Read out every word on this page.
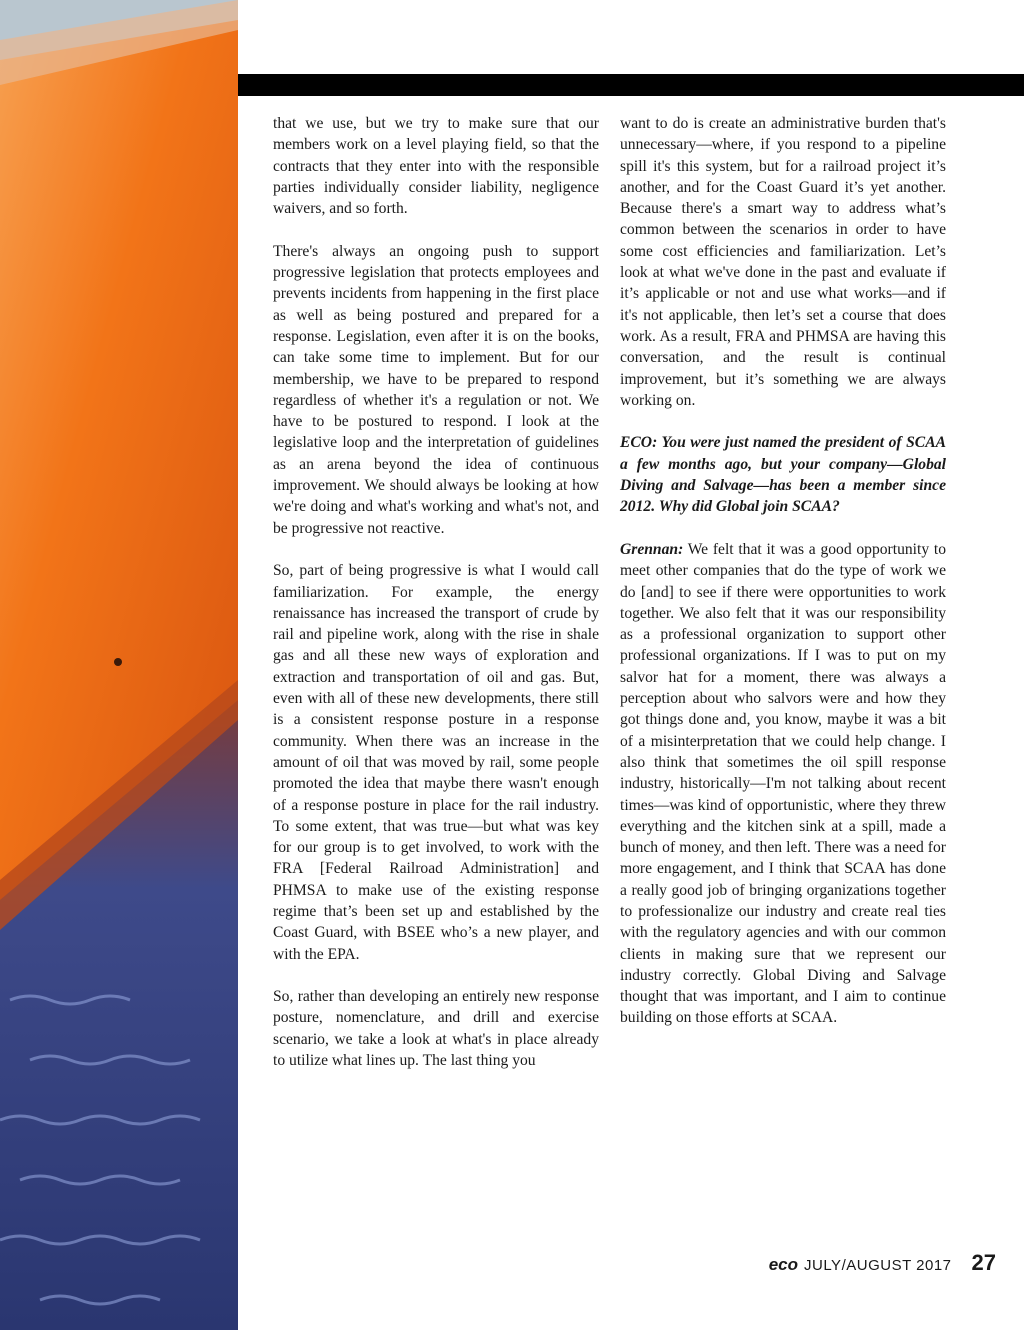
that we use, but we try to make sure that our members work on a level playing field, so that the contracts that they enter into with the responsible parties individually consider liability, negligence waivers, and so forth.

There's always an ongoing push to support progressive legislation that protects employees and prevents incidents from happening in the first place as well as being postured and prepared for a response. Legislation, even after it is on the books, can take some time to implement. But for our membership, we have to be prepared to respond regardless of whether it's a regulation or not. We have to be postured to respond. I look at the legislative loop and the interpretation of guidelines as an arena beyond the idea of continuous improvement. We should always be looking at how we're doing and what's working and what's not, and be progressive not reactive.

So, part of being progressive is what I would call familiarization. For example, the energy renaissance has increased the transport of crude by rail and pipeline work, along with the rise in shale gas and all these new ways of exploration and extraction and transportation of oil and gas. But, even with all of these new developments, there still is a consistent response posture in a response community. When there was an increase in the amount of oil that was moved by rail, some people promoted the idea that maybe there wasn't enough of a response posture in place for the rail industry. To some extent, that was true—but what was key for our group is to get involved, to work with the FRA [Federal Railroad Administration] and PHMSA to make use of the existing response regime that’s been set up and established by the Coast Guard, with BSEE who’s a new player, and with the EPA.

So, rather than developing an entirely new response posture, nomenclature, and drill and exercise scenario, we take a look at what's in place already to utilize what lines up. The last thing you

want to do is create an administrative burden that's unnecessary—where, if you respond to a pipeline spill it's this system, but for a railroad project it’s another, and for the Coast Guard it’s yet another. Because there's a smart way to address what’s common between the scenarios in order to have some cost efficiencies and familiarization. Let’s look at what we've done in the past and evaluate if it’s applicable or not and use what works—and if it's not applicable, then let’s set a course that does work. As a result, FRA and PHMSA are having this conversation, and the result is continual improvement, but it’s something we are always working on.

ECO: You were just named the president of SCAA a few months ago, but your company—Global Diving and Salvage—has been a member since 2012. Why did Global join SCAA?

Grennan: We felt that it was a good opportunity to meet other companies that do the type of work we do [and] to see if there were opportunities to work together. We also felt that it was our responsibility as a professional organization to support other professional organizations. If I was to put on my salvor hat for a moment, there was always a perception about who salvors were and how they got things done and, you know, maybe it was a bit of a misinterpretation that we could help change. I also think that sometimes the oil spill response industry, historically—I'm not talking about recent times—was kind of opportunistic, where they threw everything and the kitchen sink at a spill, made a bunch of money, and then left. There was a need for more engagement, and I think that SCAA has done a really good job of bringing organizations together to professionalize our industry and create real ties with the regulatory agencies and with our common clients in making sure that we represent our industry correctly. Global Diving and Salvage thought that was important, and I aim to continue building on those efforts at SCAA.

eco JULY/AUGUST 2017 27
